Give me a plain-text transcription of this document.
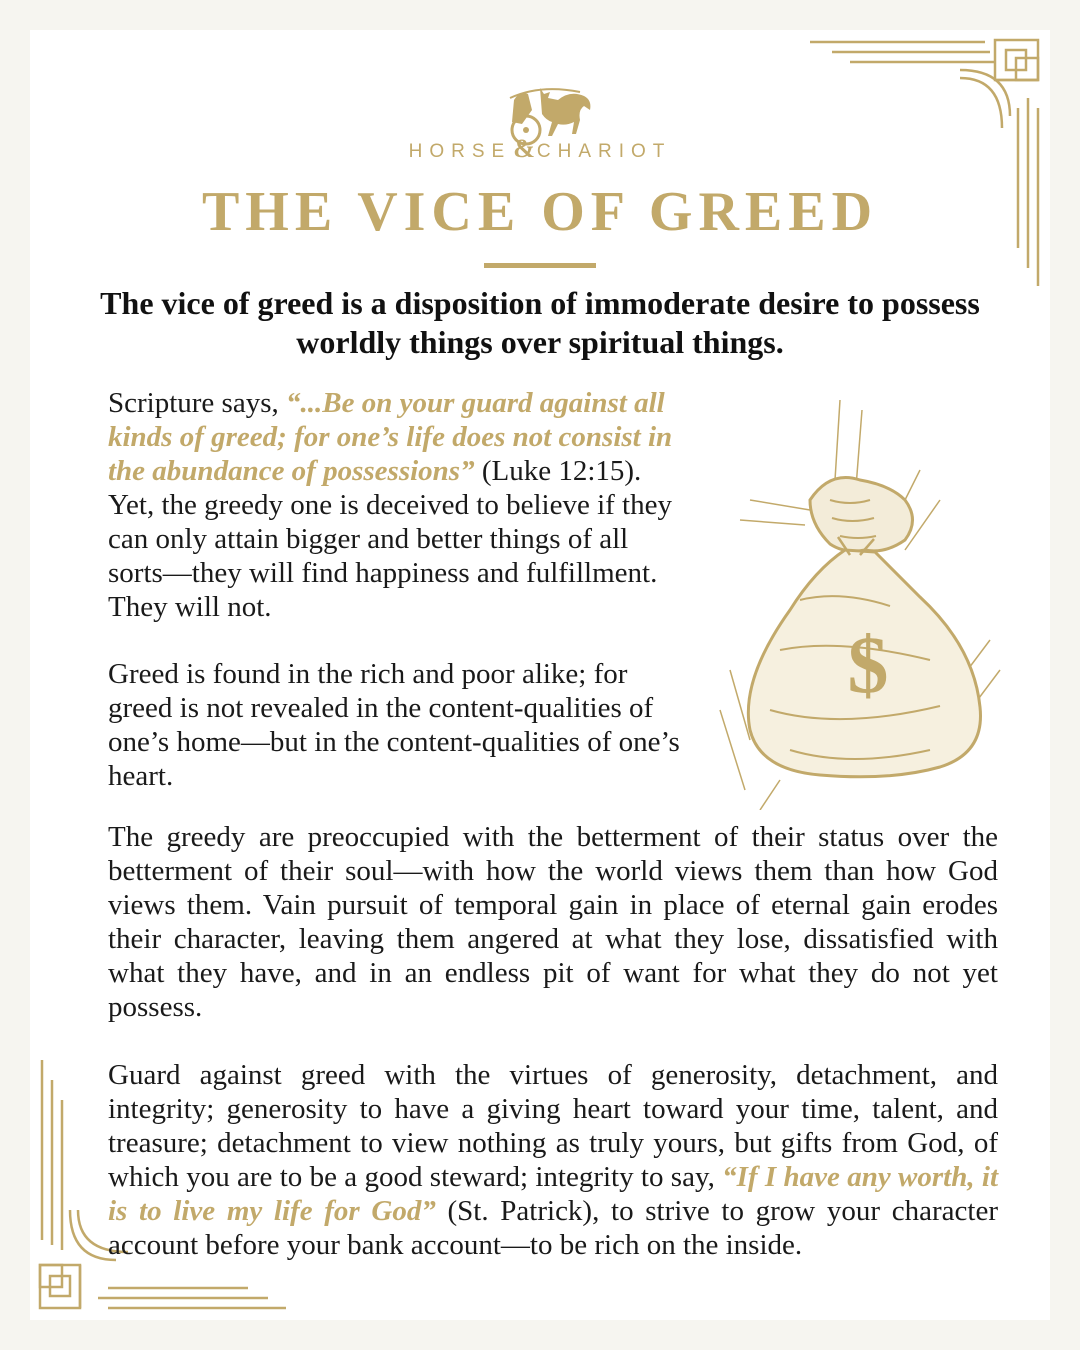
HORSE& CHARIOT
THE VICE OF GREED
The vice of greed is a disposition of immoderate desire to possess worldly things over spiritual things.

Scripture says, “...Be on your guard against all kinds of greed; for one’s life does not consist in the abundance of possessions” (Luke 12:15). Yet, the greedy one is deceived to believe if they can only attain bigger and better things of all sorts—they will find happiness and fulfillment. They will not.

Greed is found in the rich and poor alike; for greed is not revealed in the content-qualities of one’s home—but in the content-qualities of one’s heart.

$

The greedy are preoccupied with the betterment of their status over the betterment of their soul—with how the world views them than how God views them. Vain pursuit of temporal gain in place of eternal gain erodes their character, leaving them angered at what they lose, dissatisfied with what they have, and in an endless pit of want for what they do not yet possess.

Guard against greed with the virtues of generosity, detachment, and integrity; generosity to have a giving heart toward your time, talent, and treasure; detachment to view nothing as truly yours, but gifts from God, of which you are to be a good steward; integrity to say, “If I have any worth, it is to live my life for God” (St. Patrick), to strive to grow your character account before your bank account—to be rich on the inside.
